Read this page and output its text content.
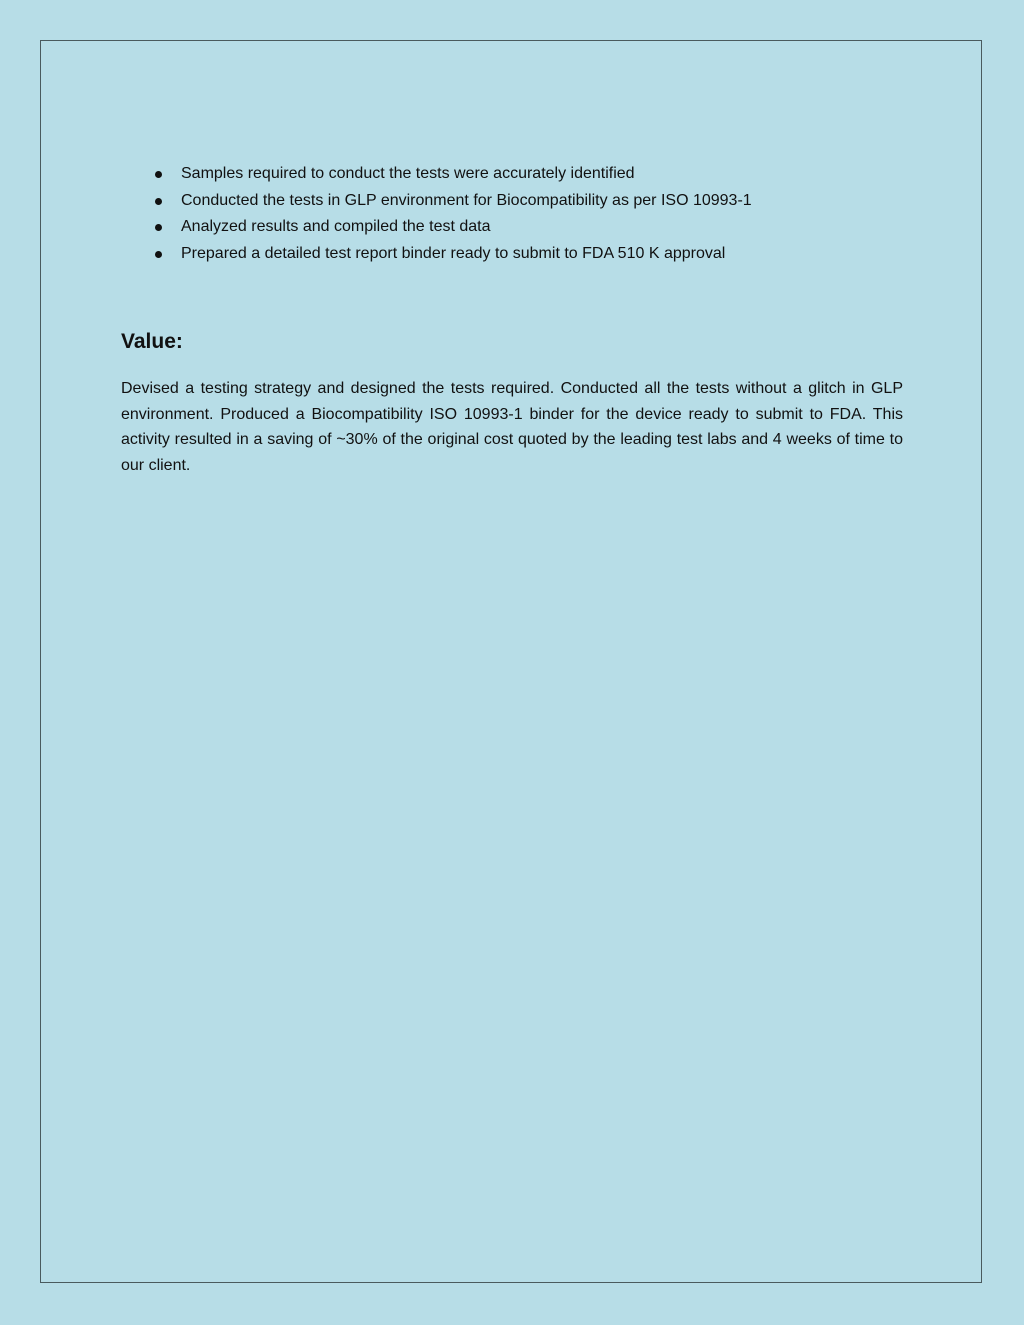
Samples required to conduct the tests were accurately identified
Conducted the tests in GLP environment for Biocompatibility as per ISO 10993-1
Analyzed results and compiled the test data
Prepared a detailed test report binder ready to submit to FDA 510 K approval
Value:

Devised a testing strategy and designed the tests required. Conducted all the tests without a glitch in GLP environment. Produced a Biocompatibility ISO 10993-1 binder for the device ready to submit to FDA. This activity resulted in a saving of ~30% of the original cost quoted by the leading test labs and 4 weeks of time to our client.
